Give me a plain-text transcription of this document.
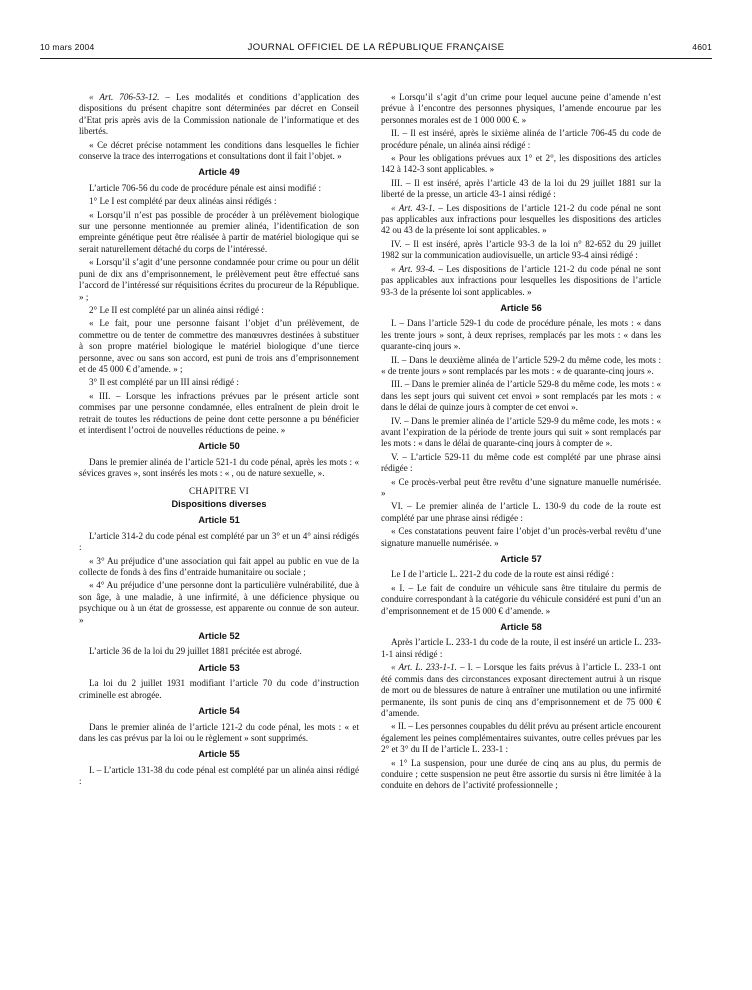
10 mars 2004	JOURNAL OFFICIEL DE LA RÉPUBLIQUE FRANÇAISE	4601

« Art. 706-53-12. – Les modalités et conditions d’application des dispositions du présent chapitre sont déterminées par décret en Conseil d’Etat pris après avis de la Commission nationale de l’informatique et des libertés.

« Ce décret précise notamment les conditions dans lesquelles le fichier conserve la trace des interrogations et consultations dont il fait l’objet. »

Article 49

L’article 706-56 du code de procédure pénale est ainsi modifié :

1° Le I est complété par deux alinéas ainsi rédigés :

« Lorsqu’il n’est pas possible de procéder à un prélèvement biologique sur une personne mentionnée au premier alinéa, l’identification de son empreinte génétique peut être réalisée à partir de matériel biologique qui se serait naturellement détaché du corps de l’intéressé.

« Lorsqu’il s’agit d’une personne condamnée pour crime ou pour un délit puni de dix ans d’emprisonnement, le prélèvement peut être effectué sans l’accord de l’intéressé sur réquisitions écrites du procureur de la République. » ;

2° Le II est complété par un alinéa ainsi rédigé :

« Le fait, pour une personne faisant l’objet d’un prélèvement, de commettre ou de tenter de commettre des manœuvres destinées à substituer à son propre matériel biologique le matériel biologique d’une tierce personne, avec ou sans son accord, est puni de trois ans d’emprisonnement et de 45 000 € d’amende. » ;

3° Il est complété par un III ainsi rédigé :

« III. – Lorsque les infractions prévues par le présent article sont commises par une personne condamnée, elles entraînent de plein droit le retrait de toutes les réductions de peine dont cette personne a pu bénéficier et interdisent l’octroi de nouvelles réductions de peine. »

Article 50

Dans le premier alinéa de l’article 521-1 du code pénal, après les mots : « sévices graves », sont insérés les mots : « , ou de nature sexuelle, ».

CHAPITRE VI
Dispositions diverses
Article 51

L’article 314-2 du code pénal est complété par un 3° et un 4° ainsi rédigés :

« 3° Au préjudice d’une association qui fait appel au public en vue de la collecte de fonds à des fins d’entraide humanitaire ou sociale ;

« 4° Au préjudice d’une personne dont la particulière vulnérabilité, due à son âge, à une maladie, à une infirmité, à une déficience physique ou psychique ou à un état de grossesse, est apparente ou connue de son auteur. »

Article 52

L’article 36 de la loi du 29 juillet 1881 précitée est abrogé.

Article 53

La loi du 2 juillet 1931 modifiant l’article 70 du code d’instruction criminelle est abrogée.

Article 54

Dans le premier alinéa de l’article 121-2 du code pénal, les mots : « et dans les cas prévus par la loi ou le règlement » sont supprimés.

Article 55

I. – L’article 131-38 du code pénal est complété par un alinéa ainsi rédigé :

« Lorsqu’il s’agit d’un crime pour lequel aucune peine d’amende n’est prévue à l’encontre des personnes physiques, l’amende encourue par les personnes morales est de 1 000 000 €. »

II. – Il est inséré, après le sixième alinéa de l’article 706-45 du code de procédure pénale, un alinéa ainsi rédigé :

« Pour les obligations prévues aux 1° et 2°, les dispositions des articles 142 à 142-3 sont applicables. »

III. – Il est inséré, après l’article 43 de la loi du 29 juillet 1881 sur la liberté de la presse, un article 43-1 ainsi rédigé :

« Art. 43-1. – Les dispositions de l’article 121-2 du code pénal ne sont pas applicables aux infractions pour lesquelles les dispositions des articles 42 ou 43 de la présente loi sont applicables. »

IV. – Il est inséré, après l’article 93-3 de la loi n° 82-652 du 29 juillet 1982 sur la communication audiovisuelle, un article 93-4 ainsi rédigé :

« Art. 93-4. – Les dispositions de l’article 121-2 du code pénal ne sont pas applicables aux infractions pour lesquelles les dispositions de l’article 93-3 de la présente loi sont applicables. »

Article 56

I. – Dans l’article 529-1 du code de procédure pénale, les mots : « dans les trente jours » sont, à deux reprises, remplacés par les mots : « dans les quarante-cinq jours ».

II. – Dans le deuxième alinéa de l’article 529-2 du même code, les mots : « de trente jours » sont remplacés par les mots : « de quarante-cinq jours ».

III. – Dans le premier alinéa de l’article 529-8 du même code, les mots : « dans les sept jours qui suivent cet envoi » sont remplacés par les mots : « dans le délai de quinze jours à compter de cet envoi ».

IV. – Dans le premier alinéa de l’article 529-9 du même code, les mots : « avant l’expiration de la période de trente jours qui suit » sont remplacés par les mots : « dans le délai de quarante-cinq jours à compter de ».

V. – L’article 529-11 du même code est complété par une phrase ainsi rédigée :

« Ce procès-verbal peut être revêtu d’une signature manuelle numérisée. »

VI. – Le premier alinéa de l’article L. 130-9 du code de la route est complété par une phrase ainsi rédigée :

« Ces constatations peuvent faire l’objet d’un procès-verbal revêtu d’une signature manuelle numérisée. »

Article 57

Le I de l’article L. 221-2 du code de la route est ainsi rédigé :

« I. – Le fait de conduire un véhicule sans être titulaire du permis de conduire correspondant à la catégorie du véhicule considéré est puni d’un an d’emprisonnement et de 15 000 € d’amende. »

Article 58

Après l’article L. 233-1 du code de la route, il est inséré un article L. 233-1-1 ainsi rédigé :

« Art. L. 233-1-1. – I. – Lorsque les faits prévus à l’article L. 233-1 ont été commis dans des circonstances exposant directement autrui à un risque de mort ou de blessures de nature à entraîner une mutilation ou une infirmité permanente, ils sont punis de cinq ans d’emprisonnement et de 75 000 € d’amende.

« II. – Les personnes coupables du délit prévu au présent article encourent également les peines complémentaires suivantes, outre celles prévues par les 2° et 3° du II de l’article L. 233-1 :

« 1° La suspension, pour une durée de cinq ans au plus, du permis de conduire ; cette suspension ne peut être assortie du sursis ni être limitée à la conduite en dehors de l’activité professionnelle ;
